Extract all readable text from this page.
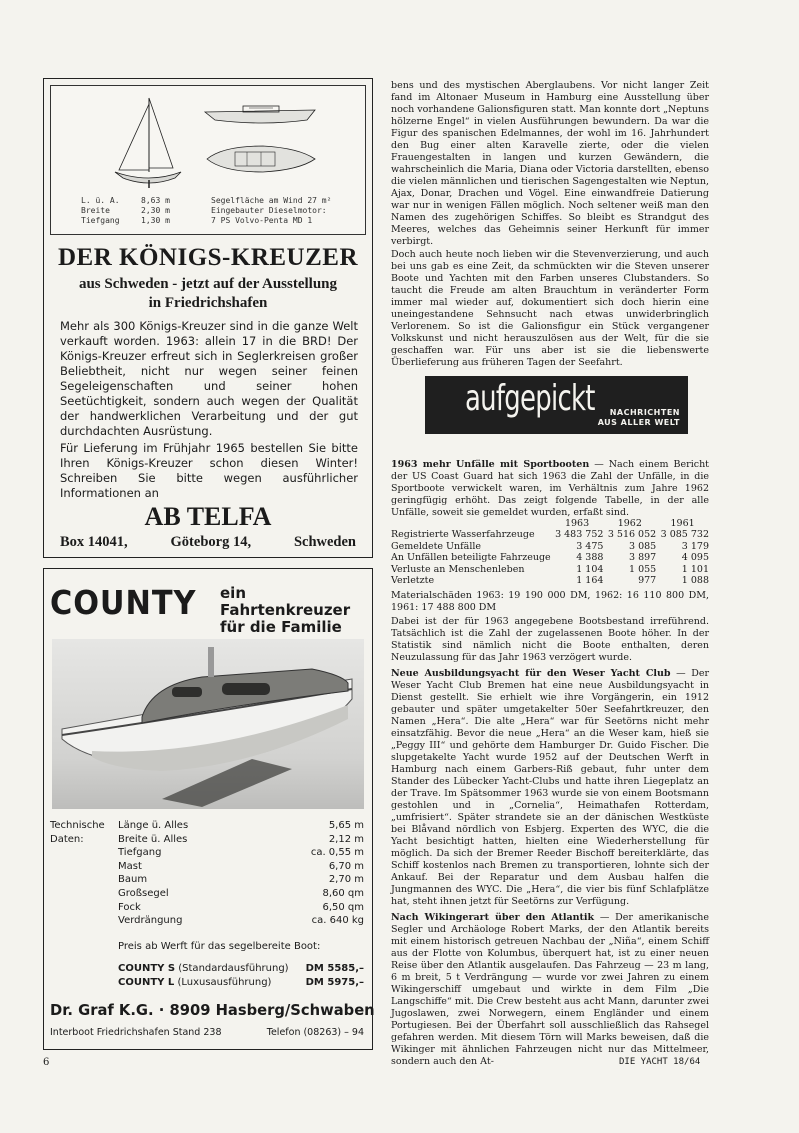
L. ü. A.	8,63 m
Breite	2,30 m
Tiefgang	1,30 m
Segelfläche am Wind 27 m²
Eingebauter Dieselmotor:
7 PS Volvo-Penta MD 1
DER KÖNIGS-KREUZER
aus Schweden - jetzt auf der Ausstellung
in Friedrichshafen

Mehr als 300 Königs-Kreuzer sind in die ganze Welt verkauft worden. 1963: allein 17 in die BRD! Der Königs-Kreuzer erfreut sich in Seglerkreisen großer Beliebtheit, nicht nur wegen seiner feinen Segeleigenschaften und seiner hohen Seetüchtigkeit, sondern auch wegen der Qualität der handwerklichen Verarbeitung und der gut durchdachten Ausrüstung.

Für Lieferung im Frühjahr 1965 bestellen Sie bitte Ihren Königs-Kreuzer schon diesen Winter! Schreiben Sie bitte wegen ausführlicher Informationen an

AB TELFA
Box 14041,	Göteborg 14,	Schweden
COUNTY ein Fahrtenkreuzer
für die Familie
Technische	Länge ü. Alles	5,65 m
Daten:	Breite ü. Alles	2,12 m
Tiefgang	ca. 0,55 m
Mast	6,70 m
Baum	2,70 m
Großsegel	8,60 qm
Fock	6,50 qm
Verdrängung	ca. 640 kg
Preis ab Werft für das segelbereite Boot:
COUNTY S (Standardausführung) DM 5585,–
COUNTY L (Luxusausführung)	DM 5975,–
Dr. Graf K.G. · 8909 Hasberg/Schwaben
Interboot Friedrichshafen Stand 238	Telefon (08263) – 94

bens und des mystischen Aberglaubens. Vor nicht langer Zeit fand im Altonaer Museum in Hamburg eine Ausstellung über noch vorhandene Galionsfiguren statt. Man konnte dort „Neptuns hölzerne Engel“ in vielen Ausführungen bewundern. Da war die Figur des spanischen Edelmannes, der wohl im 16. Jahrhundert den Bug einer alten Karavelle zierte, oder die vielen Frauengestalten in langen und kurzen Gewändern, die wahrscheinlich die Maria, Diana oder Victoria darstellten, ebenso die vielen männlichen und tierischen Sagengestalten wie Neptun, Ajax, Donar, Drachen und Vögel. Eine einwandfreie Datierung war nur in wenigen Fällen möglich. Noch seltener weiß man den Namen des zugehörigen Schiffes. So bleibt es Strandgut des Meeres, welches das Geheimnis seiner Herkunft für immer verbirgt.

Doch auch heute noch lieben wir die Stevenverzierung, und auch bei uns gab es eine Zeit, da schmückten wir die Steven unserer Boote und Yachten mit den Farben unseres Clubstanders. So taucht die Freude am alten Brauchtum in veränderter Form immer mal wieder auf, dokumentiert sich doch hierin eine uneingestandene Sehnsucht nach etwas unwiderbringlich Verlorenem. So ist die Galionsfigur ein Stück vergangener Volkskunst und nicht herauszulösen aus der Welt, für die sie geschaffen war. Für uns aber ist sie die liebenswerte Überlieferung aus früheren Tagen der Seefahrt.

aufgepickt	NACHRICHTEN
AUS ALLER WELT

1963 mehr Unfälle mit Sportbooten — Nach einem Bericht der US Coast Guard hat sich 1963 die Zahl der Unfälle, in die Sportboote verwickelt waren, im Verhältnis zum Jahre 1962 geringfügig erhöht. Das zeigt folgende Tabelle, in der alle Unfälle, soweit sie gemeldet wurden, erfaßt sind.

	1963	1962	1961
Registrierte Wasserfahrzeuge	3 483 752	3 516 052	3 085 732
Gemeldete Unfälle	3 475	3 085	3 179
An Unfällen beteiligte Fahrzeuge	4 388	3 897	4 095
Verluste an Menschenleben	1 104	1 055	1 101
Verletzte	1 164	977	1 088

Materialschäden 1963: 19 190 000 DM, 1962: 16 110 800 DM, 1961: 17 488 800 DM

Dabei ist der für 1963 angegebene Bootsbestand irreführend. Tatsächlich ist die Zahl der zugelassenen Boote höher. In der Statistik sind nämlich nicht die Boote enthalten, deren Neuzulassung für das Jahr 1963 verzögert wurde.

Neue Ausbildungsyacht für den Weser Yacht Club — Der Weser Yacht Club Bremen hat eine neue Ausbildungsyacht in Dienst gestellt. Sie erhielt wie ihre Vorgängerin, ein 1912 gebauter und später umgetakelter 50er Seefahrtkreuzer, den Namen „Hera“. Die alte „Hera“ war für Seetörns nicht mehr einsatzfähig. Bevor die neue „Hera“ an die Weser kam, hieß sie „Peggy III“ und gehörte dem Hamburger Dr. Guido Fischer. Die slupgetakelte Yacht wurde 1952 auf der Deutschen Werft in Hamburg nach einem Garbers-Riß gebaut, fuhr unter dem Stander des Lübecker Yacht-Clubs und hatte ihren Liegeplatz an der Trave. Im Spätsommer 1963 wurde sie von einem Bootsmann gestohlen und in „Cornelia“, Heimathafen Rotterdam, „umfrisiert“. Später strandete sie an der dänischen Westküste bei Blåvand nördlich von Esbjerg. Experten des WYC, die die Yacht besichtigt hatten, hielten eine Wiederherstellung für möglich. Da sich der Bremer Reeder Bischoff bereiterklärte, das Schiff kostenlos nach Bremen zu transportieren, lohnte sich der Ankauf. Bei der Reparatur und dem Ausbau halfen die Jungmannen des WYC. Die „Hera“, die vier bis fünf Schlafplätze hat, steht ihnen jetzt für Seetörns zur Verfügung.

Nach Wikingerart über den Atlantik — Der amerikanische Segler und Archäologe Robert Marks, der den Atlantik bereits mit einem historisch getreuen Nachbau der „Niña“, einem Schiff aus der Flotte von Kolumbus, überquert hat, ist zu einer neuen Reise über den Atlantik ausgelaufen. Das Fahrzeug — 23 m lang, 6 m breit, 5 t Verdrängung — wurde vor zwei Jahren zu einem Wikingerschiff umgebaut und wirkte in dem Film „Die Langschiffe“ mit. Die Crew besteht aus acht Mann, darunter zwei Jugoslawen, zwei Norwegern, einem Engländer und einem Portugiesen. Bei der Überfahrt soll ausschließlich das Rahsegel gefahren werden. Mit diesem Törn will Marks beweisen, daß die Wikinger mit ähnlichen Fahrzeugen nicht nur das Mittelmeer, sondern auch den At-

6	DIE YACHT 18/64
